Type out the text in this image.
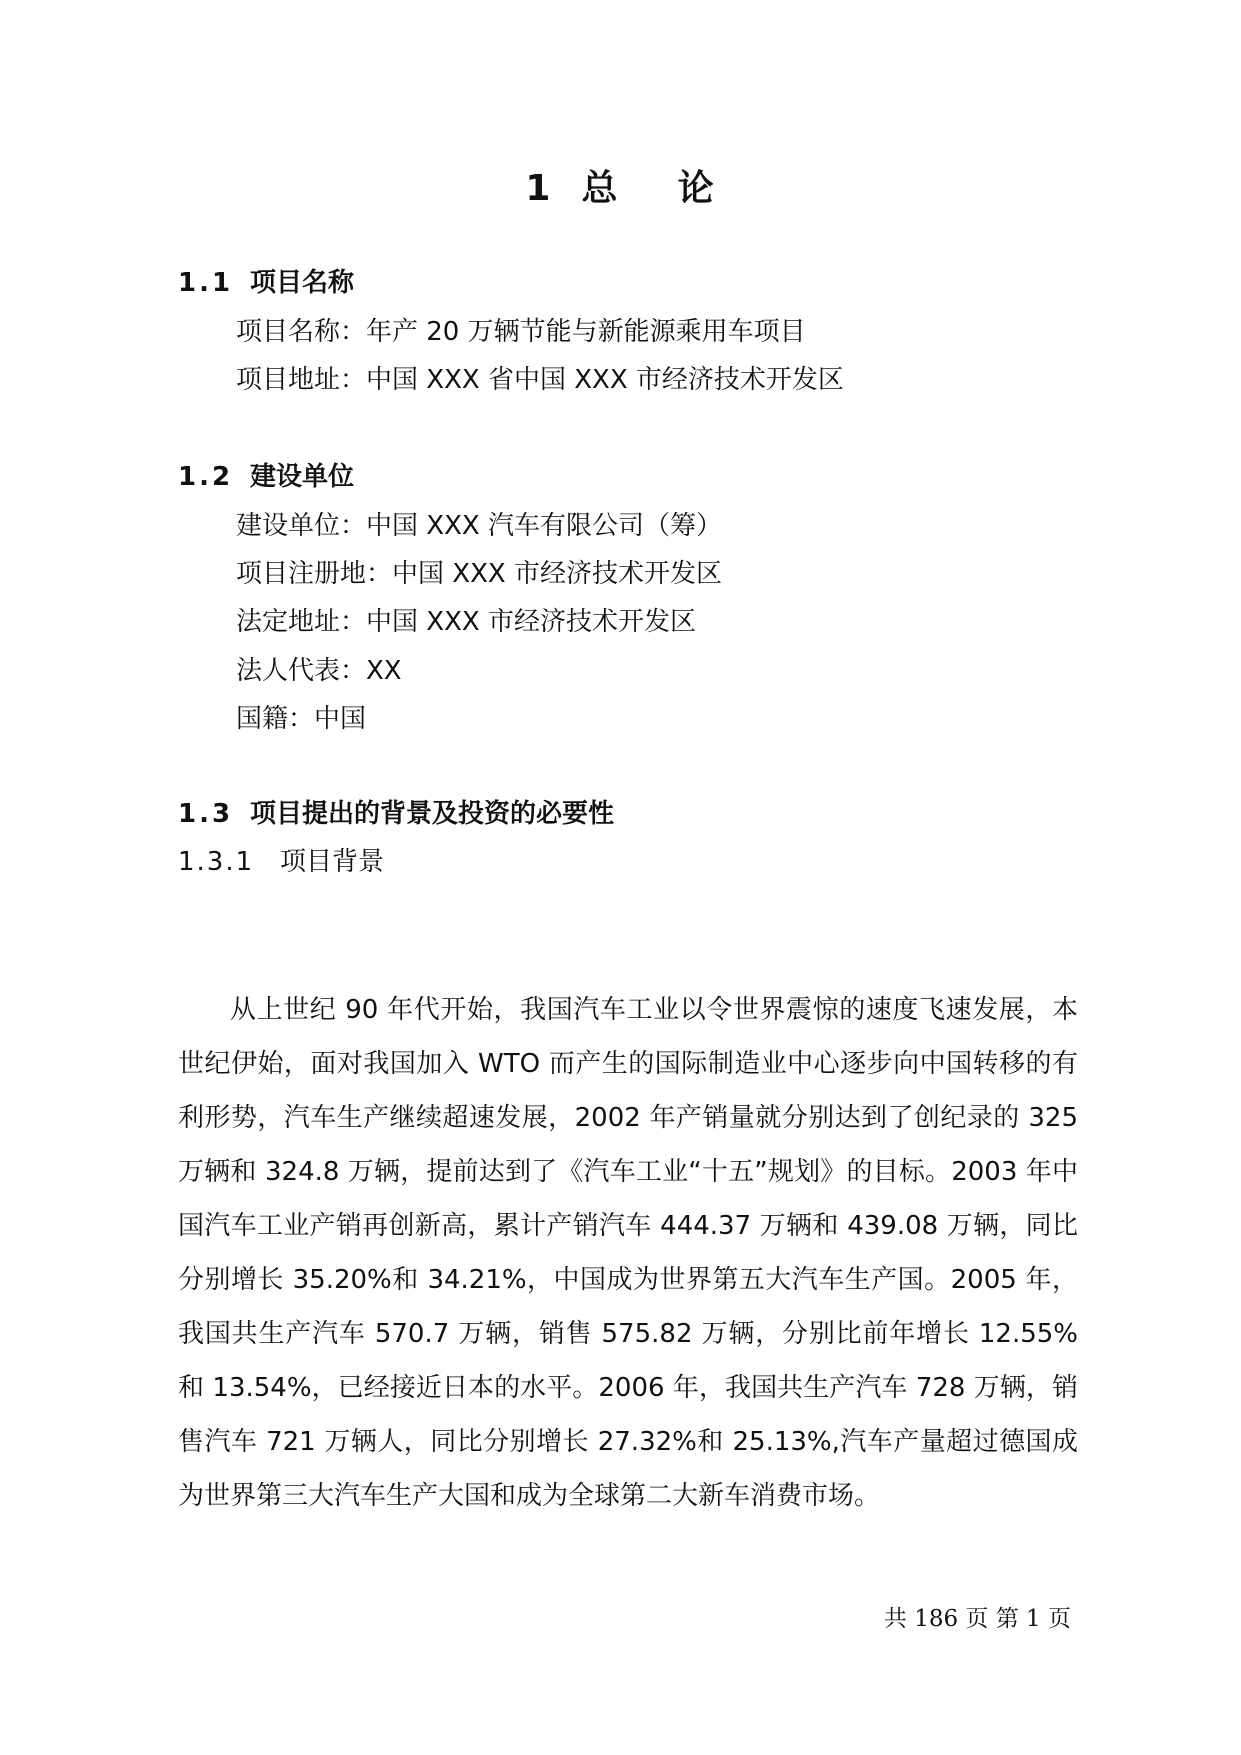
1  总    论
1.1 项目名称
项目名称：年产 20 万辆节能与新能源乘用车项目
项目地址：中国 XXX 省中国 XXX 市经济技术开发区
1.2 建设单位
建设单位：中国 XXX 汽车有限公司（筹）
项目注册地：中国 XXX 市经济技术开发区
法定地址：中国 XXX 市经济技术开发区
法人代表：XX
国籍：中国
1.3 项目提出的背景及投资的必要性
1.3.1 项目背景
从上世纪 90 年代开始，我国汽车工业以令世界震惊的速度飞速发展，本世纪伊始，面对我国加入 WTO 而产生的国际制造业中心逐步向中国转移的有利形势，汽车生产继续超速发展，2002 年产销量就分别达到了创纪录的 325 万辆和 324.8 万辆，提前达到了《汽车工业“十五”规划》的目标。2003 年中国汽车工业产销再创新高，累计产销汽车 444.37 万辆和 439.08 万辆，同比分别增长 35.20%和 34.21%，中国成为世界第五大汽车生产国。2005 年，我国共生产汽车 570.7 万辆，销售 575.82 万辆，分别比前年增长 12.55%和 13.54%，已经接近日本的水平。2006 年，我国共生产汽车 728 万辆，销售汽车 721 万辆人，同比分别增长 27.32%和 25.13%,汽车产量超过德国成为世界第三大汽车生产大国和成为全球第二大新车消费市场。
共 186 页 第 1 页
